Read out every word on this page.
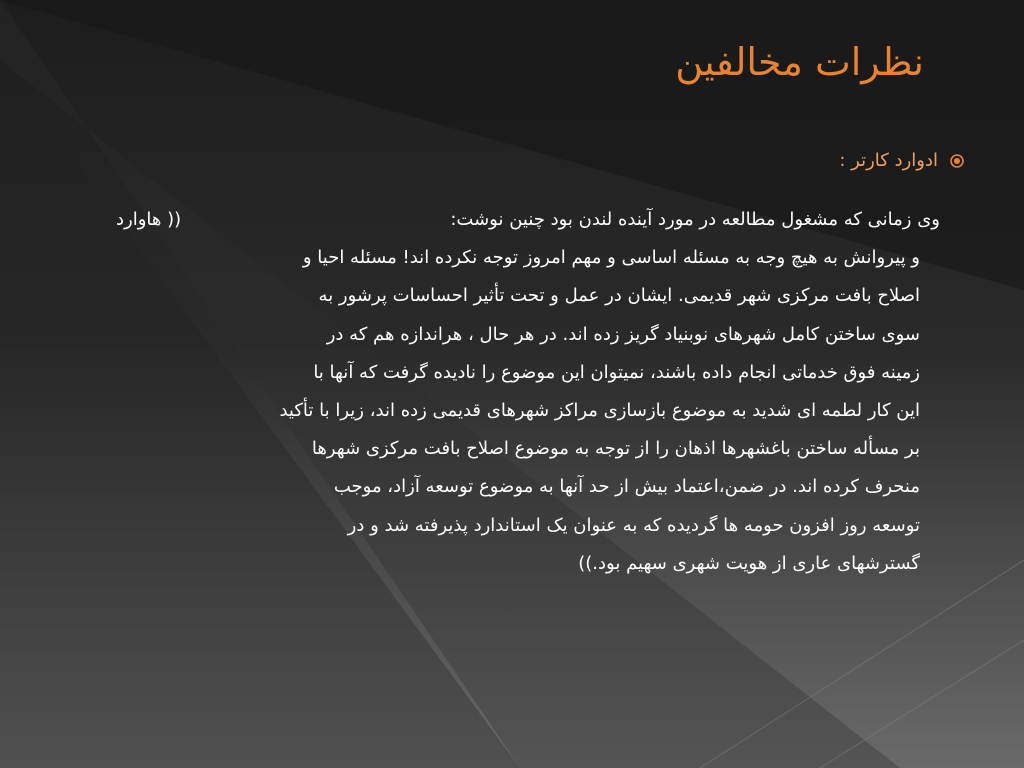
نظرات مخالفین
ادوارد کارتر :
وی زمانی که مشغول مطالعه در مورد آینده لندن بود چنین نوشت:
(( هاوارد
و پیروانش به هیچ وجه به مسئله اساسی و مهم امروز توجه نکرده اند! مسئله احیا و
اصلاح بافت مرکزی شهر قدیمی. ایشان در عمل و تحت تأثیر احساسات پرشور به
سوی ساختن کامل شهرهای نوبنیاد گریز زده اند. در هر حال ، هراندازه هم که در
زمینه فوق خدماتی انجام داده باشند، نمیتوان این موضوع را نادیده گرفت که آنها با
این کار لطمه ای شدید به موضوع بازسازی مراکز شهرهای قدیمی زده اند، زیرا با تأکید
بر مسأله ساختن باغشهرها اذهان را از توجه به موضوع اصلاح بافت مرکزی شهرها
منحرف کرده اند. در ضمن،اعتماد بیش از حد آنها به موضوع توسعه آزاد، موجب
توسعه روز افزون حومه ها گردیده که به عنوان یک استاندارد پذیرفته شد و در
گسترشهای عاری از هویت شهری سهیم بود.))
